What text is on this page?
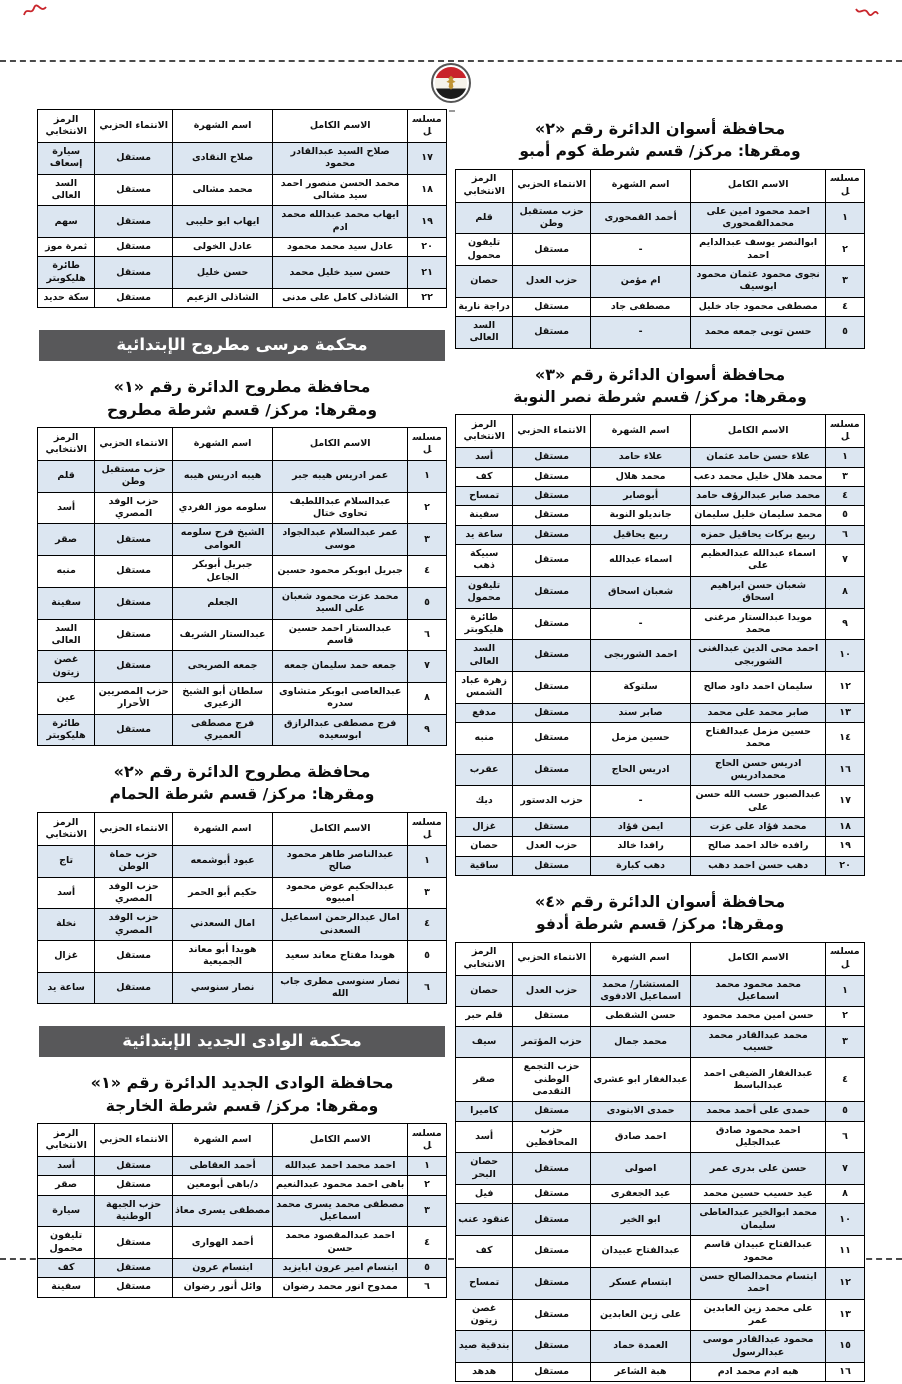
محافظة أسوان الدائرة رقم «٢»
ومقرها: مركز/ قسم شرطة كوم أمبو
مسلسل	الاسم الكامل	اسم الشهرة	الانتماء الحزبي	الرمز الانتخابي
١	احمد محمود امين على محمدالقمحورى	أحمد القمحورى	حزب مستقبل وطن	قلم
٢	ابوالنصر يوسف عبدالدايم احمد	-	مستقل	تليفون محمول
٣	نجوى محمود عثمان محمود ابوسيف	ام مؤمن	حزب العدل	حصان
٤	مصطفى محمود جاد خليل	مصطفى جاد	مستقل	دراجة نارية
٥	حسن توبى جمعه محمد	-	مستقل	السد العالى
محافظة أسوان الدائرة رقم «٣»
ومقرها: مركز/ قسم شرطة نصر النوبة
مسلسل	الاسم الكامل	اسم الشهرة	الانتماء الحزبي	الرمز الانتخابي
١	علاء حسن حامد عثمان	علاء حامد	مستقل	أسد
٣	محمد هلال خليل محمد دعب	محمد هلال	مستقل	كف
٤	محمد صابر عبدالرؤف حامد	أبوصابر	مستقل	تمساح
٥	محمد سليمان خليل سليمان	جانديلو النوبة	مستقل	سفينة
٦	ربيع بركات يحاقيل حمزه	ربيع يحاقيل	مستقل	ساعة يد
٧	اسماء عبدالله عبدالعظيم على	اسماء عبدالله	مستقل	سبيكة ذهب
٨	شعبان حسن ابراهيم اسحاق	شعبان اسحاق	مستقل	تليفون محمول
٩	مويدا عبدالستار مرغنى محمد	-	مستقل	طائرة هليكوبتر
١٠	احمد محى الدين عبدالغنى الشوربجى	احمد الشوربجى	مستقل	السد العالى
١٢	سليمان احمد داود صالح	سلتوكة	مستقل	زهرة عباد الشمس
١٣	صابر محمد على محمد	صابر سند	مستقل	مدفع
١٤	حسين مزمل عبدالفتاح محمد	حسين مزمل	مستقل	منبه
١٦	ادريس حسن الحاج محمدادريس	ادريس الحاج	مستقل	عقرب
١٧	عبدالصبور حسب الله حسن على	-	حزب الدستور	ديك
١٨	محمد فؤاد على عزت	ايمن فؤاد	مستقل	غزال
١٩	رافده خالد احمد صالح	رافدا خالد	حزب العدل	حصان
٢٠	دهب حسن احمد دهب	دهب كبارة	مستقل	ساقية
محافظة أسوان الدائرة رقم «٤»
ومقرها: مركز/ قسم شرطة أدفو
مسلسل	الاسم الكامل	اسم الشهرة	الانتماء الحزبي	الرمز الانتخابي
١	محمد محمود محمد اسماعيل	المستشار/ محمد اسماعيل الادفوى	حزب العدل	حصان
٢	حسن امين محمد محمود	حسن الشقطى	مستقل	قلم حبر
٣	محمد عبدالقادر محمد حسيب	محمد جمال	حزب المؤتمر	سيف
٤	عبدالغفار الضيفى احمد عبدالباسط	عبدالغفار ابو عشرى	حزب التجمع الوطنى التقدمى	صقر
٥	حمدى على أحمد محمد	حمدى الابنودى	مستقل	كاميرا
٦	احمد محمود صادق عبدالجليل	احمد صادق	حزب المحافظين	أسد
٧	حسن على بدرى عمر	اصولى	مستقل	حصان البحر
٨	عيد حسيب حسين محمد	عيد الجعفرى	مستقل	فيل
١٠	محمد ابوالخير عبدالعاطى سليمان	ابو الخير	مستقل	عنقود عنب
١١	عبدالفتاح عبيدان قاسم محمود	عبدالفتاح عبيدان	مستقل	كف
١٢	ابتسام محمدالصالح حسن احمد	ابتسام عسكر	مستقل	تمساح
١٣	على محمد زين العابدين عمر	على زين العابدين	مستقل	غصن زيتون
١٥	محمود عبدالقادر موسى عبدالرسول	العمدة حماد	مستقل	بندقية صيد
١٦	هبه ادم محمد ادم	هبة الشاعر	مستقل	هدهد
مسلسل	الاسم الكامل	اسم الشهرة	الانتماء الحزبي	الرمز الانتخابي
١٧	صلاح السيد عبدالقادر محمود	صلاح النقادى	مستقل	سيارة إسعاف
١٨	محمد الحسن منصور احمد سيد مشالى	محمد مشالى	مستقل	السد العالى
١٩	ايهاب محمد عبدالله محمد ادم	ايهاب ابو حليبى	مستقل	سهم
٢٠	عادل سيد محمد محمود	عادل الخولى	مستقل	ثمرة موز
٢١	حسن سيد خليل محمد	حسن خليل	مستقل	طائرة هليكوبتر
٢٢	الشاذلى كامل على مدنى	الشاذلى الزعيم	مستقل	سكة حديد
محكمة مرسى مطروح الإبتدائية
محافظة مطروح الدائرة رقم «١»
ومقرها: مركز/ قسم شرطة مطروح
مسلسل	الاسم الكامل	اسم الشهرة	الانتماء الحزبي	الرمز الانتخابي
١	عمر ادريس هيبه جبر	هيبه ادريس هيبه	حزب مستقبل وطن	قلم
٢	عبدالسلام عبداللطيف تحاوى ختال	سلومه موز الفردي	حزب الوفد المصري	أسد
٣	عمر عبدالسلام عبدالجواد موسى	الشيخ فرح سلومه العوامى	مستقل	صقر
٤	جبريل ابوبكر محمود حسين	جبريل أبوبكر الجاعل	مستقل	منبه
٥	محمد عزت محمود شعبان على السيد	الجعلم	مستقل	سفينة
٦	عبدالستار احمد حسين قاسم	عبدالستار الشريف	مستقل	السد العالى
٧	جمعه حمد سليمان جمعه	جمعه الصريحى	مستقل	غصن زيتون
٨	عبدالعاصى ابوبكر متشاوى سدره	سلطان أبو الشيخ الزعيرى	حزب المصريين الأحرار	عين
٩	فرج مصطفى عبدالرازق ابوسعيده	فرج مصطفى العميري	مستقل	طائرة هليكوبتر
محافظة مطروح الدائرة رقم «٢»
ومقرها: مركز/ قسم شرطة الحمام
مسلسل	الاسم الكامل	اسم الشهرة	الانتماء الحزبي	الرمز الانتخابي
١	عبدالناصر طاهر محمود صالح	عبود أبوشمعه	حزب حماة الوطن	تاج
٣	عبدالحكيم عوض محمود امبيوه	حكيم أبو الحمر	حزب الوفد المصري	أسد
٤	امال عبدالرحمن اسماعيل السعدنى	امال السعدني	حزب الوفد المصري	نخلة
٥	هويدا مفتاح معاند سعيد	هويدا أبو معاند الجميعية	مستقل	غزال
٦	نصار سنوسى مطرى جاب الله	نصار سنوسي	مستقل	ساعة يد
محكمة الوادى الجديد الإبتدائية
محافظة الوادى الجديد الدائرة رقم «١»
ومقرها: مركز/ قسم شرطة الخارجة
مسلسل	الاسم الكامل	اسم الشهرة	الانتماء الحزبي	الرمز الانتخابي
١	احمد محمد احمد عبدالله	أحمد العقاطى	مستقل	أسد
٢	باهى احمد محمود عبدالنعيم	د/باهى أبومعين	مستقل	صقر
٣	مصطفى محمد يسرى محمد اسماعيل	مصطفى يسرى معاذ	حزب الجبهة الوطنية	سيارة
٤	احمد عبدالمقصود محمد حسن	أحمد الهوارى	مستقل	تليفون محمول
٥	ابتسام امير عرون ابايزيد	ابتسام عرون	مستقل	كف
٦	ممدوح انور محمد رضوان	وائل أنور رضوان	مستقل	سفينة
